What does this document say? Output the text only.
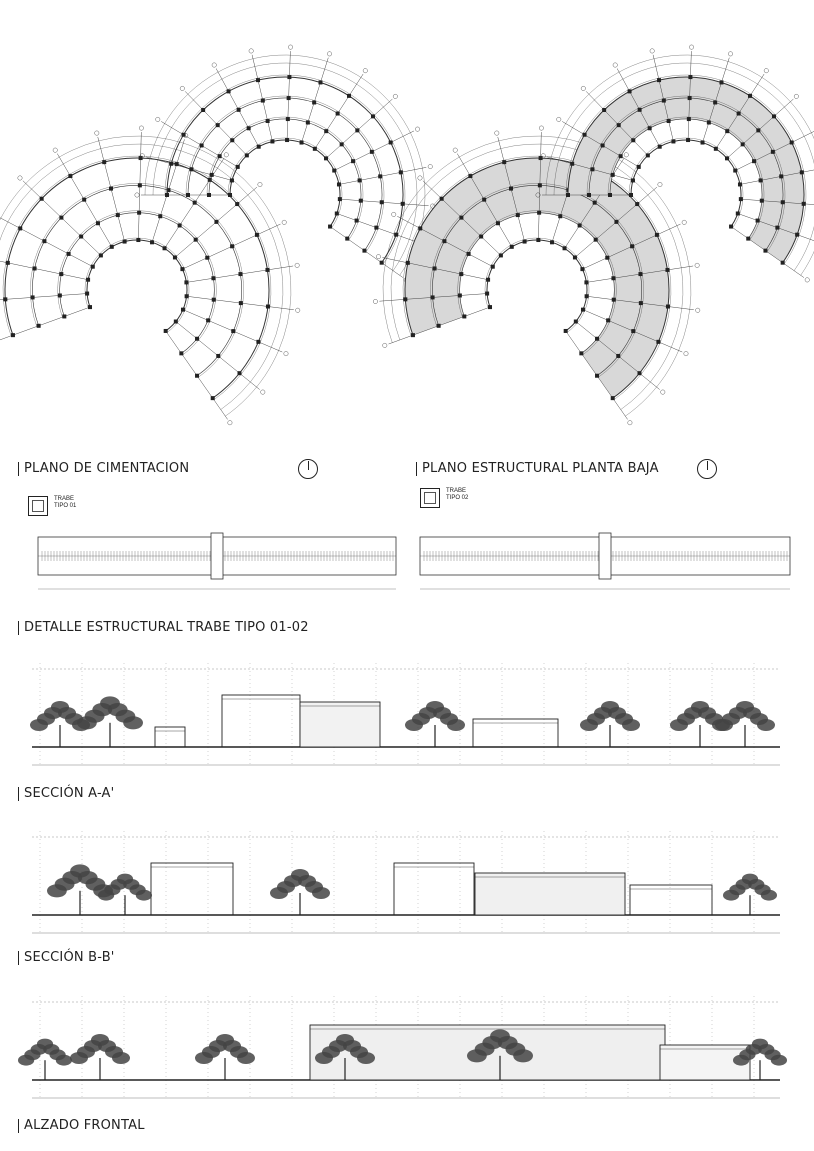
PLANO DE CIMENTACION	PLANO ESTRUCTURAL PLANTA BAJA
TRABE
TIPO 01
TRABE
TIPO 02
DETALLE ESTRUCTURAL TRABE TIPO 01-02
SECCIÓN A-A'
SECCIÓN B-B'
ALZADO FRONTAL
